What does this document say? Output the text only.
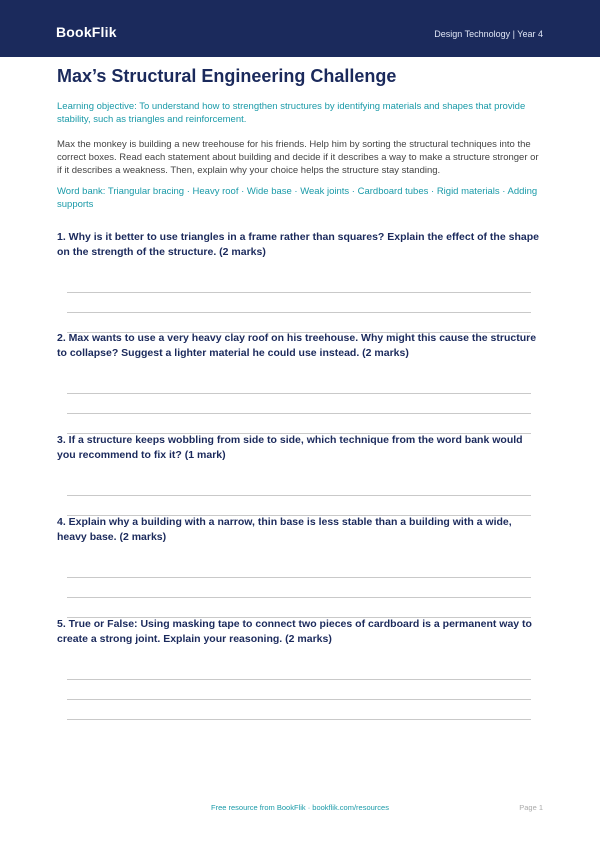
BookFlik	Design Technology | Year 4
Max’s Structural Engineering Challenge
Learning objective: To understand how to strengthen structures by identifying materials and shapes that provide stability, such as triangles and reinforcement.
Max the monkey is building a new treehouse for his friends. Help him by sorting the structural techniques into the correct boxes. Read each statement about building and decide if it describes a way to make a structure stronger or if it describes a weakness. Then, explain why your choice helps the structure stay standing.
Word bank: Triangular bracing · Heavy roof · Wide base · Weak joints · Cardboard tubes · Rigid materials · Adding supports
1. Why is it better to use triangles in a frame rather than squares? Explain the effect of the shape on the strength of the structure. (2 marks)
2. Max wants to use a very heavy clay roof on his treehouse. Why might this cause the structure to collapse? Suggest a lighter material he could use instead. (2 marks)
3. If a structure keeps wobbling from side to side, which technique from the word bank would you recommend to fix it? (1 mark)
4. Explain why a building with a narrow, thin base is less stable than a building with a wide, heavy base. (2 marks)
5. True or False: Using masking tape to connect two pieces of cardboard is a permanent way to create a strong joint. Explain your reasoning. (2 marks)
Free resource from BookFlik · bookflik.com/resources	Page 1
